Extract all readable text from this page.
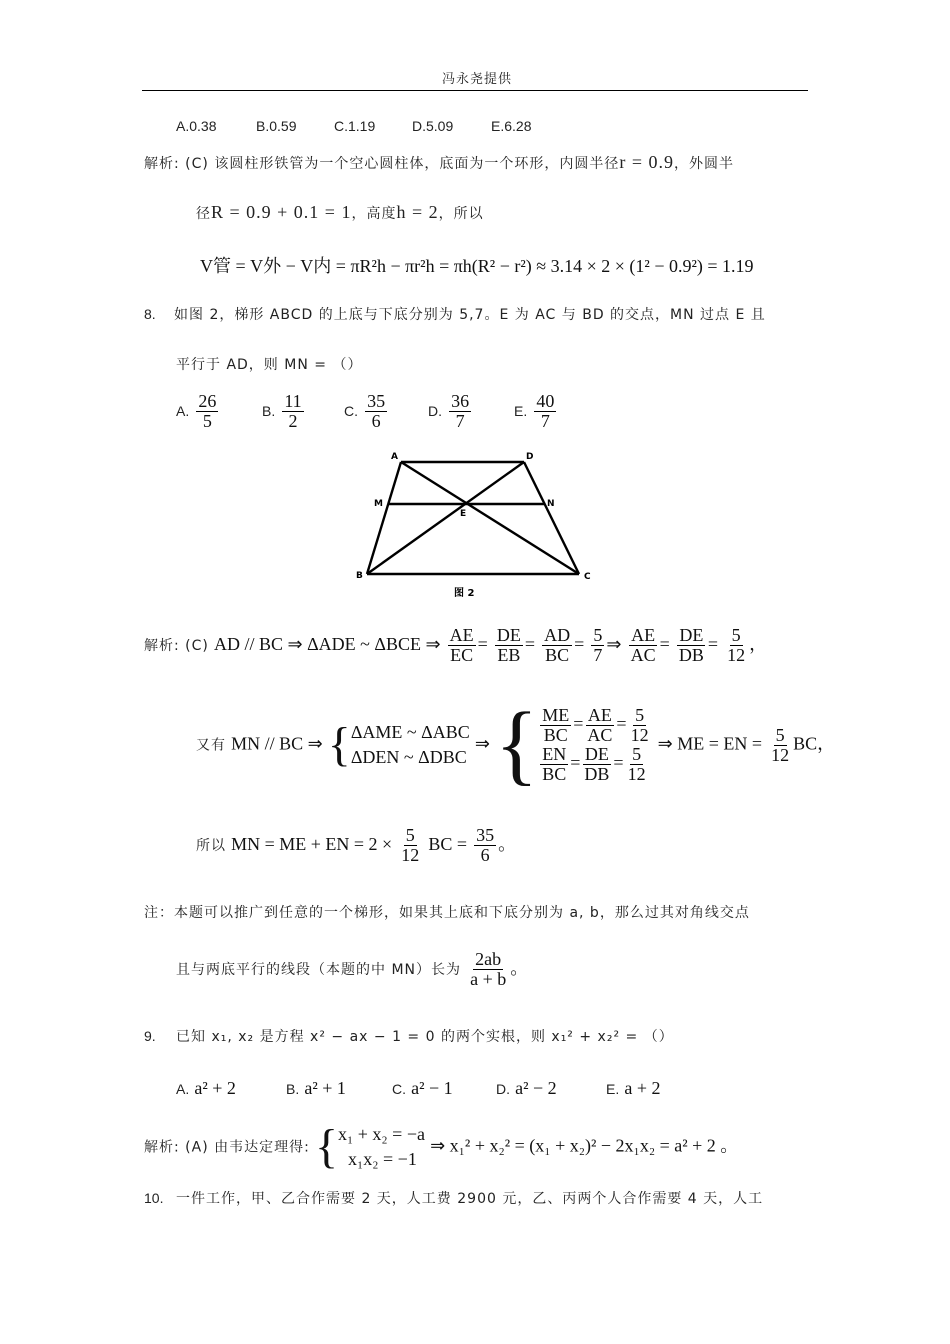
冯永尧提供
A.0.38	B.0.59	C.1.19	D.5.09	E.6.28
解析: (C) 该圆柱形铁管为一个空心圆柱体，底面为一个环形，内圆半径r = 0.9，外圆半
径R = 0.9 + 0.1 = 1，高度h = 2，所以
V管 = V外 − V内 = πR²h − πr²h = πh(R² − r²) ≈ 3.14 × 2 × (1² − 0.9²) = 1.19
8. 如图 2，梯形 ABCD 的上底与下底分别为 5,7。E 为 AC 与 BD 的交点，MN 过点 E 且
平行于 AD，则 MN = （）
A. $\frac{26}{5}$	B. $\frac{11}{2}$	C. $\frac{35}{6}$	D. $\frac{36}{7}$	E. $\frac{40}{7}$
A	D
M	N
E
B	C
图 2
解析: (C) AD // BC ⇒ ΔADE ~ ΔBCE ⇒ $\frac{AE}{EC} = \frac{DE}{EB} = \frac{AD}{BC} = \frac{5}{7}$ ⇒ $\frac{AE}{AC} = \frac{DE}{DB} = \frac{5}{12}$ ，
又有 MN // BC ⇒ { ΔAME ~ ΔABC
ΔDEN ~ ΔDBC
⇒ { $\frac{ME}{BC} = \frac{AE}{AC} = \frac{5}{12}$
$\frac{EN}{BC} = \frac{DE}{DB} = \frac{5}{12}$
⇒ ME = EN = $\frac{5}{12}$ BC，
所以 MN = ME + EN = $2 \times \frac{5}{12}$ BC = $\frac{35}{6}$ 。
注：本题可以推广到任意的一个梯形，如果其上底和下底分别为 a, b，那么过其对角线交点
且与两底平行的线段（本题的中 MN）长为 $\frac{2ab}{a + b}$ 。
9. 已知 x₁, x₂ 是方程 x² − ax − 1 = 0 的两个实根，则 x₁² + x₂² = （）
A. a² + 2	B. a² + 1	C. a² − 1	D. a² − 2	E. a + 2
解析: (A) 由韦达定理得: { x₁ + x₂ = −a
x₁x₂ = −1
⇒ x₁² + x₂² = (x₁ + x₂)² − 2x₁x₂ = a² + 2 。
10. 一件工作，甲、乙合作需要 2 天，人工费 2900 元，乙、丙两个人合作需要 4 天，人工
